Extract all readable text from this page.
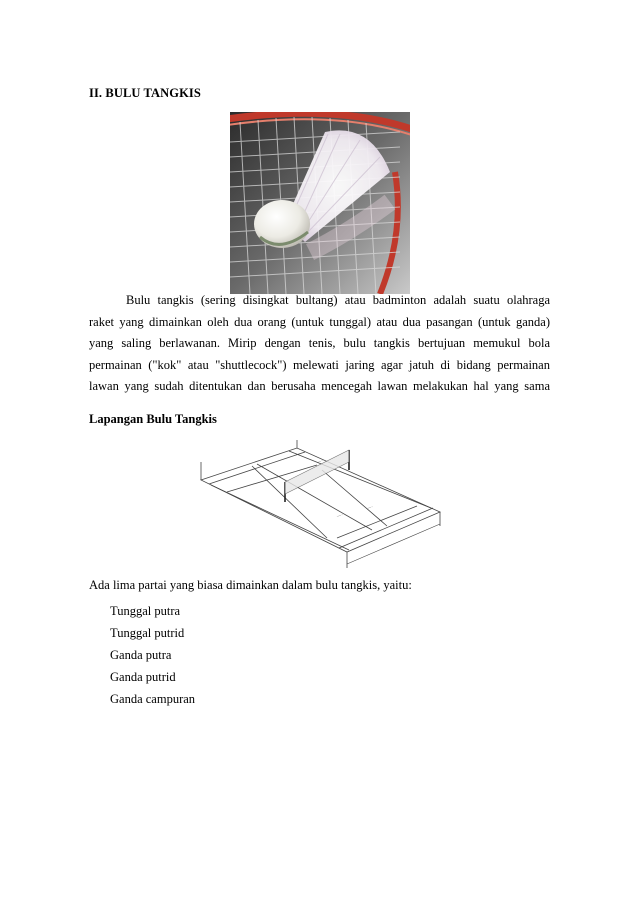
II. BULU TANGKIS
Bulu tangkis (sering disingkat bultang) atau badminton adalah suatu olahraga
raket yang dimainkan oleh dua orang (untuk tunggal) atau dua pasangan (untuk ganda)
yang saling berlawanan. Mirip dengan tenis, bulu tangkis bertujuan memukul bola
permainan ("kok" atau "shuttlecock") melewati jaring agar jatuh di bidang permainan
lawan yang sudah ditentukan dan berusaha mencegah lawan melakukan hal yang sama
Lapangan Bulu Tangkis
·····
·····
·····
···········
Ada lima partai yang biasa dimainkan dalam bulu tangkis, yaitu:
Tunggal putra
Tunggal putrid
Ganda putra
Ganda putrid
Ganda campuran
